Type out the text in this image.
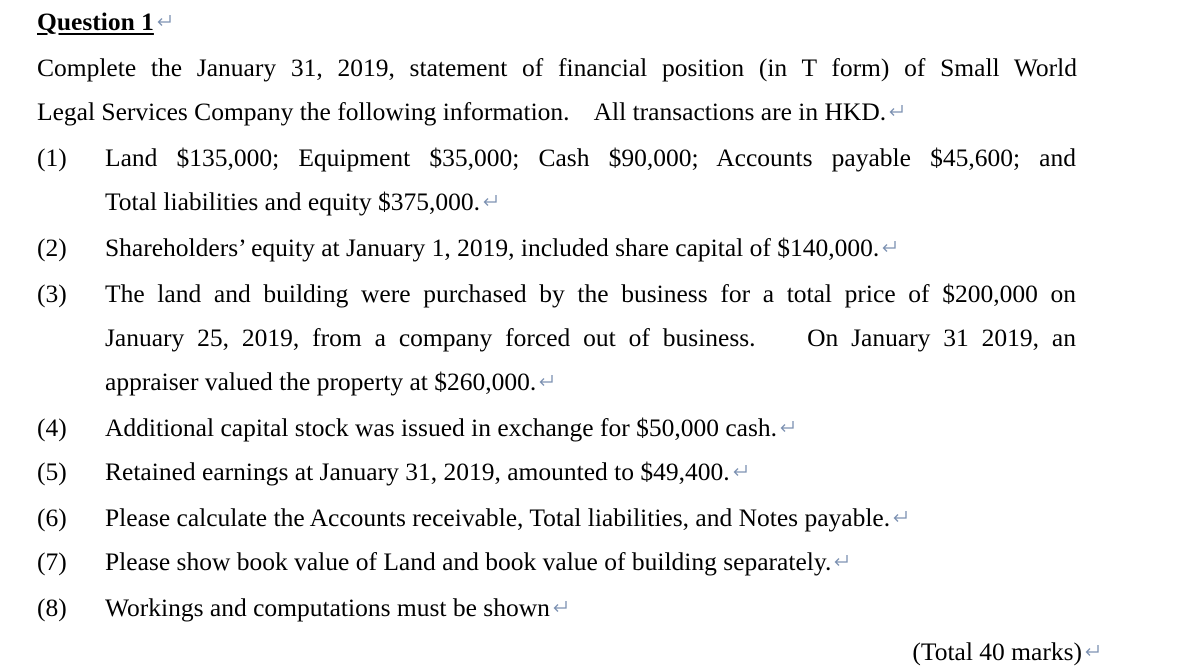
Question 1
Complete the January 31, 2019, statement of financial position (in T form) of Small World
Legal Services Company the following information.    All transactions are in HKD.
(1) Land $135,000; Equipment $35,000; Cash $90,000; Accounts payable $45,600; and
Total liabilities and equity $375,000.
(2) Shareholders’ equity at January 1, 2019, included share capital of $140,000.
(3) The land and building were purchased by the business for a total price of $200,000 on
January 25, 2019, from a company forced out of business.    On January 31 2019, an
appraiser valued the property at $260,000.
(4) Additional capital stock was issued in exchange for $50,000 cash.
(5) Retained earnings at January 31, 2019, amounted to $49,400.
(6) Please calculate the Accounts receivable, Total liabilities, and Notes payable.
(7) Please show book value of Land and book value of building separately.
(8) Workings and computations must be shown
(Total 40 marks)
